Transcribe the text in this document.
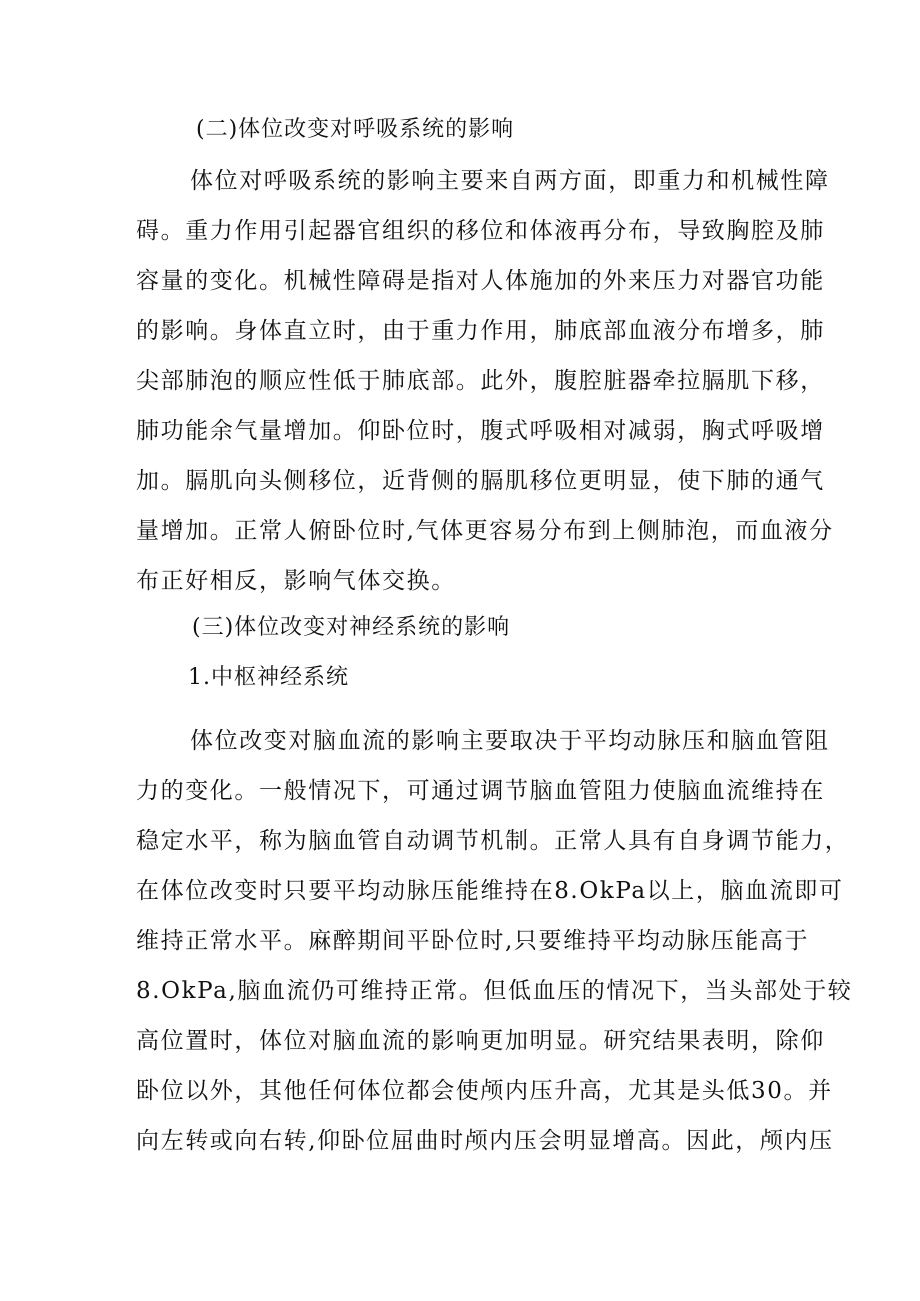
(二)体位改变对呼吸系统的影响
体位对呼吸系统的影响主要来自两方面，即重力和机械性障
碍。重力作用引起器官组织的移位和体液再分布，导致胸腔及肺
容量的变化。机械性障碍是指对人体施加的外来压力对器官功能
的影响。身体直立时，由于重力作用，肺底部血液分布增多，肺
尖部肺泡的顺应性低于肺底部。此外，腹腔脏器牵拉膈肌下移，
肺功能余气量增加。仰卧位时，腹式呼吸相对减弱，胸式呼吸增
加。膈肌向头侧移位，近背侧的膈肌移位更明显，使下肺的通气
量增加。正常人俯卧位时,气体更容易分布到上侧肺泡，而血液分
布正好相反，影响气体交换。
(三)体位改变对神经系统的影响
1.中枢神经系统
体位改变对脑血流的影响主要取决于平均动脉压和脑血管阻
力的变化。一般情况下，可通过调节脑血管阻力使脑血流维持在
稳定水平，称为脑血管自动调节机制。正常人具有自身调节能力，
在体位改变时只要平均动脉压能维持在8.OkPa以上，脑血流即可
维持正常水平。麻醉期间平卧位时,只要维持平均动脉压能高于
8.OkPa,脑血流仍可维持正常。但低血压的情况下，当头部处于较
高位置时，体位对脑血流的影响更加明显。研究结果表明，除仰
卧位以外，其他任何体位都会使颅内压升高，尤其是头低30。并
向左转或向右转,仰卧位屈曲时颅内压会明显增高。因此，颅内压
